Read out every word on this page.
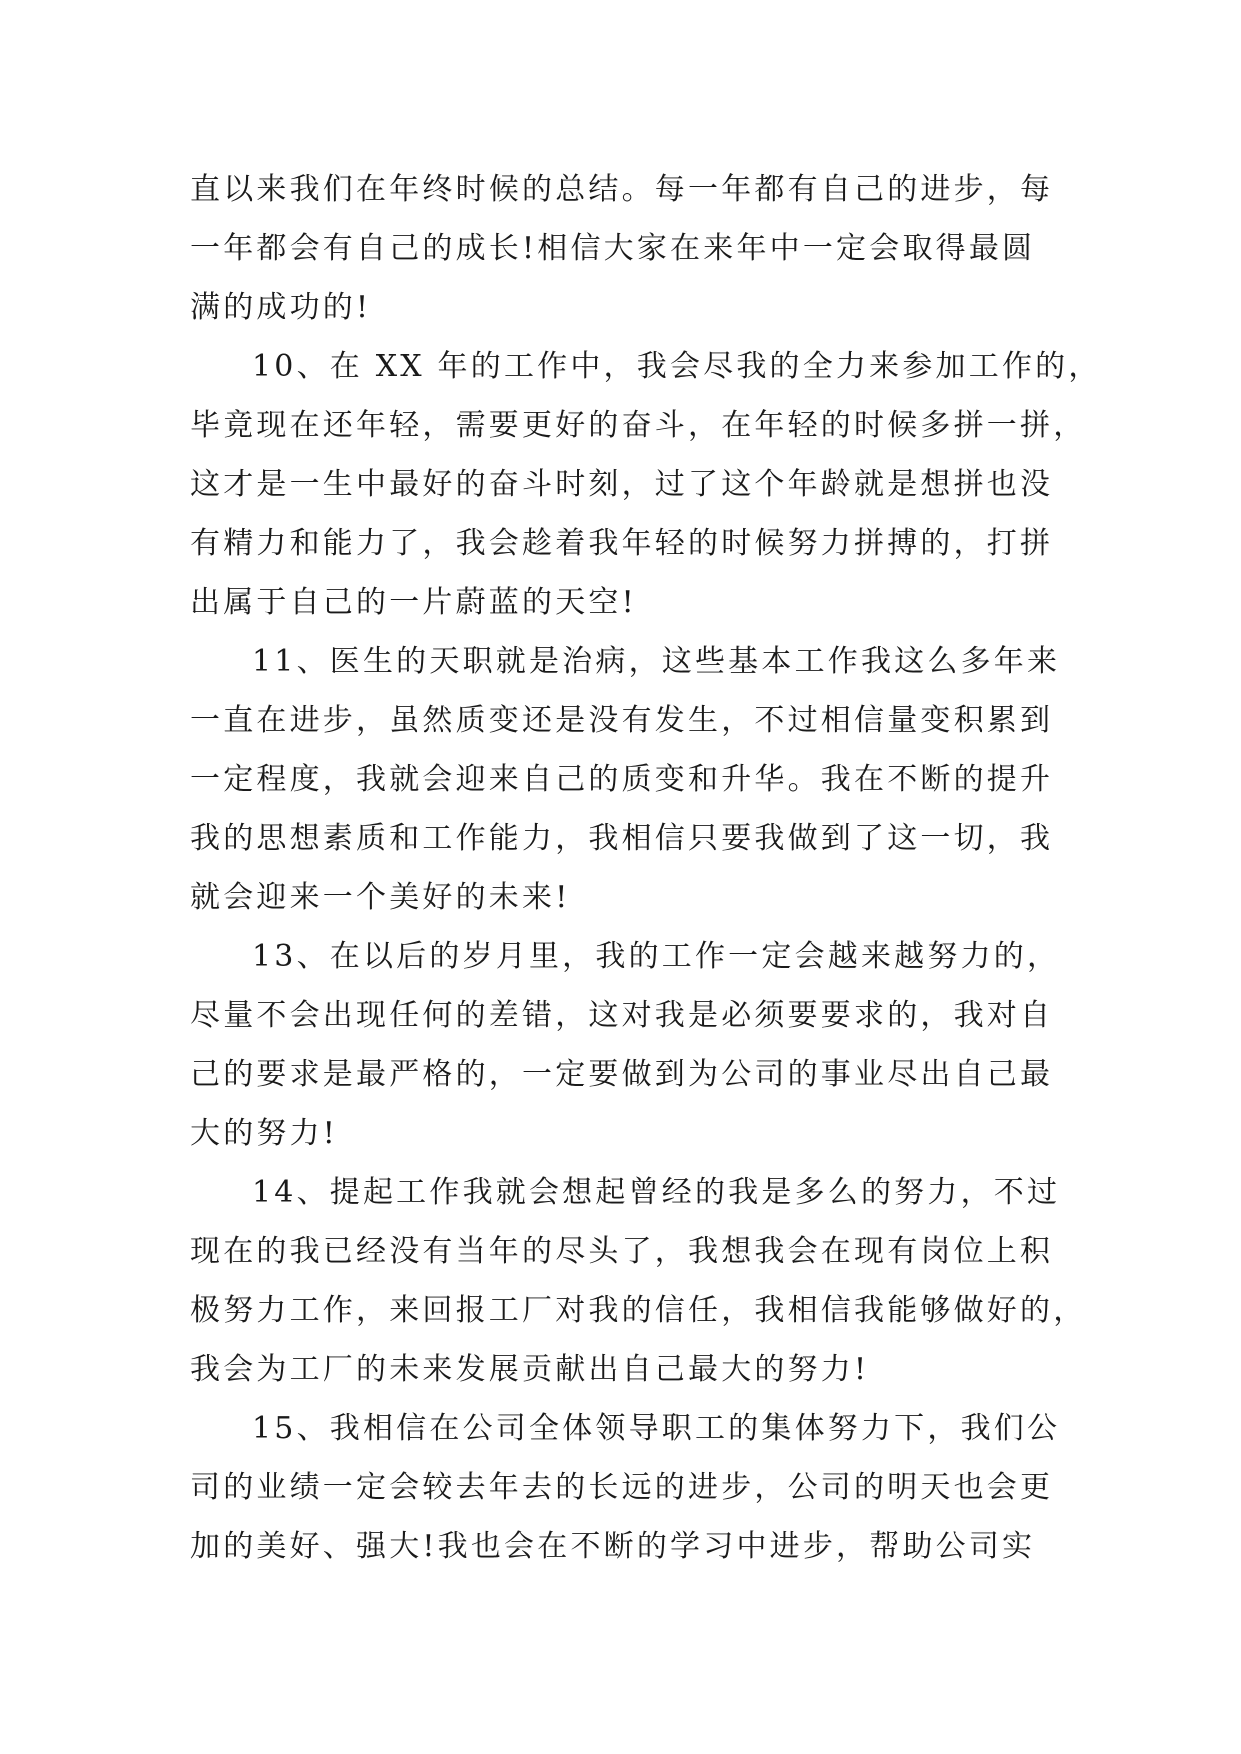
直以来我们在年终时候的总结。每一年都有自己的进步，每
一年都会有自己的成长!相信大家在来年中一定会取得最圆
满的成功的!
10、在 XX 年的工作中，我会尽我的全力来参加工作的，
毕竟现在还年轻，需要更好的奋斗，在年轻的时候多拼一拼，
这才是一生中最好的奋斗时刻，过了这个年龄就是想拼也没
有精力和能力了，我会趁着我年轻的时候努力拼搏的，打拼
出属于自己的一片蔚蓝的天空!
11、医生的天职就是治病，这些基本工作我这么多年来
一直在进步，虽然质变还是没有发生，不过相信量变积累到
一定程度，我就会迎来自己的质变和升华。我在不断的提升
我的思想素质和工作能力，我相信只要我做到了这一切，我
就会迎来一个美好的未来!
13、在以后的岁月里，我的工作一定会越来越努力的，
尽量不会出现任何的差错，这对我是必须要要求的，我对自
己的要求是最严格的，一定要做到为公司的事业尽出自己最
大的努力!
14、提起工作我就会想起曾经的我是多么的努力，不过
现在的我已经没有当年的尽头了，我想我会在现有岗位上积
极努力工作，来回报工厂对我的信任，我相信我能够做好的，
我会为工厂的未来发展贡献出自己最大的努力!
15、我相信在公司全体领导职工的集体努力下，我们公
司的业绩一定会较去年去的长远的进步，公司的明天也会更
加的美好、强大!我也会在不断的学习中进步，帮助公司实
